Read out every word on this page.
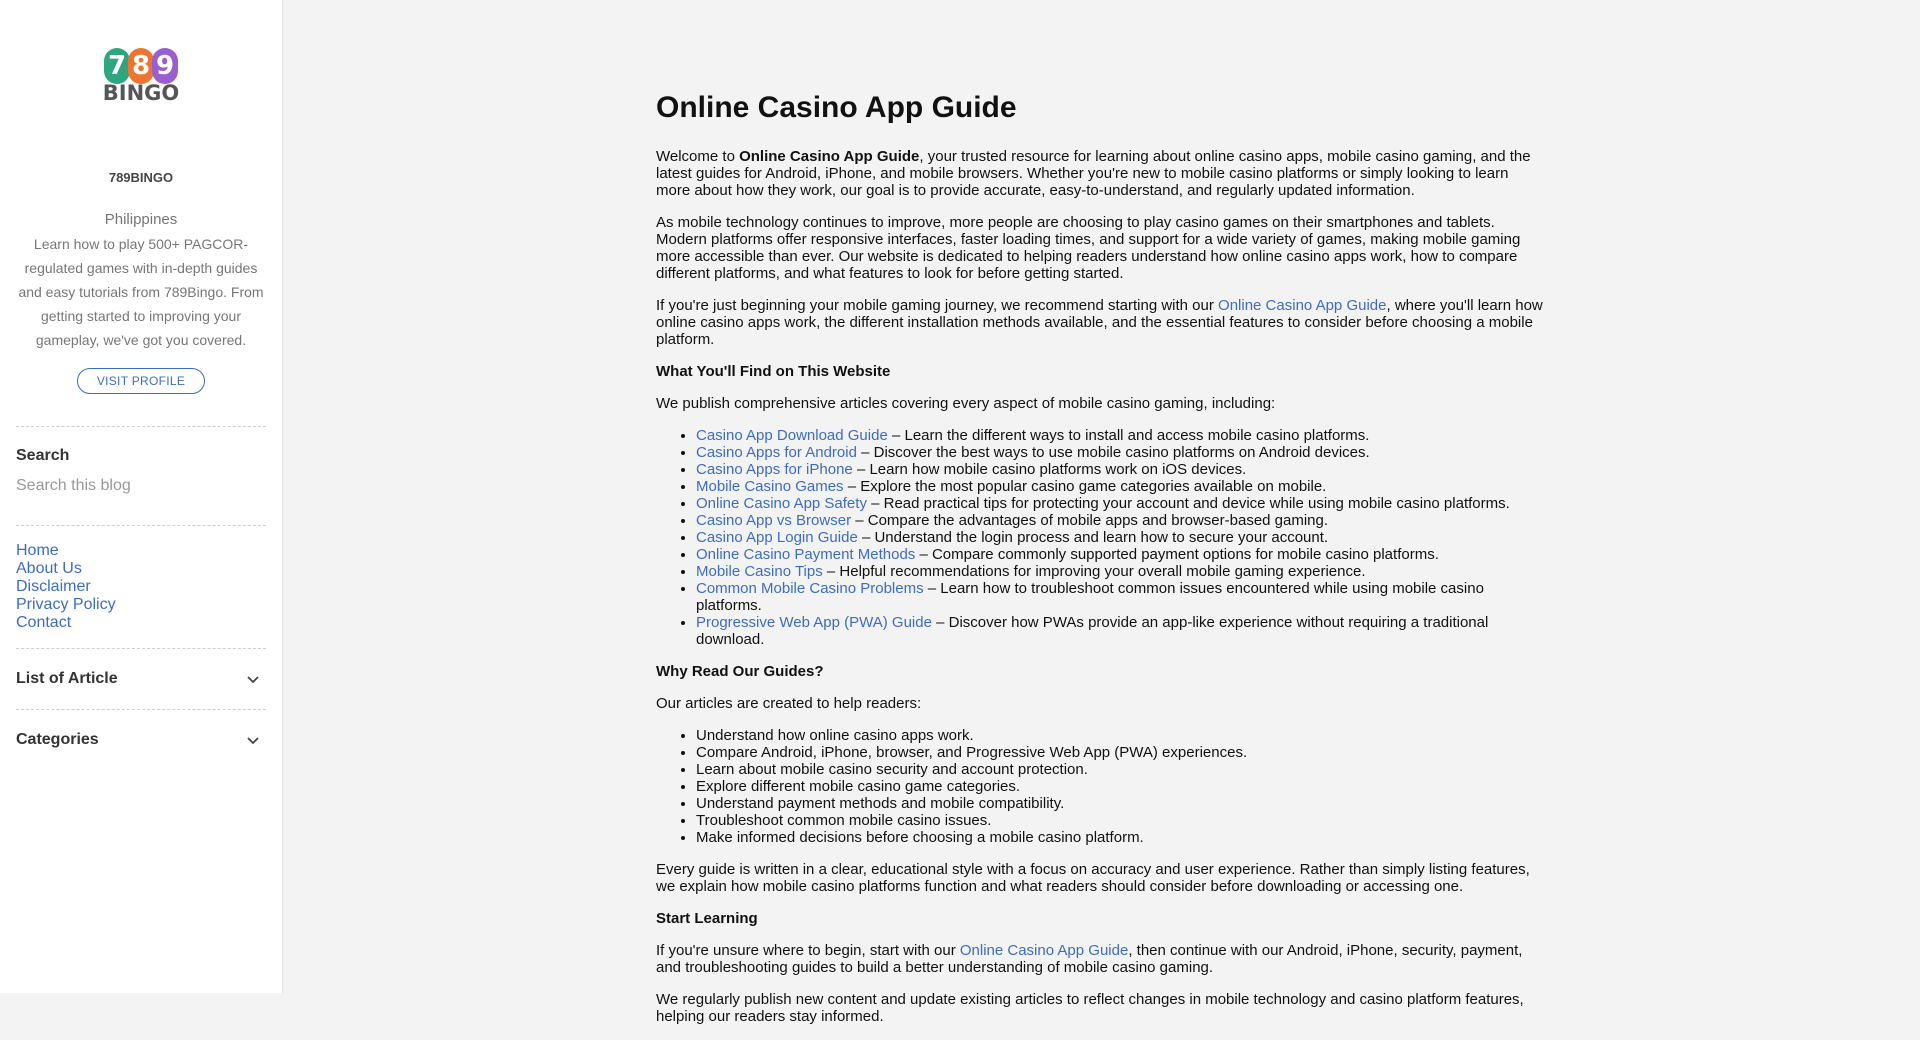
7 8 9
BINGO
789BINGO
Philippines

Learn how to play 500+ PAGCOR-regulated games with in-depth guides and easy tutorials from 789Bingo. From getting started to improving your gameplay, we've got you covered.

VISIT PROFILE
Search
Search this blog
Home
About Us
Disclaimer
Privacy Policy
Contact
List of Article
Categories
Online Casino App Guide

Welcome to Online Casino App Guide, your trusted resource for learning about online casino apps, mobile casino gaming, and the latest guides for Android, iPhone, and mobile browsers. Whether you're new to mobile casino platforms or simply looking to learn more about how they work, our goal is to provide accurate, easy-to-understand, and regularly updated information.

As mobile technology continues to improve, more people are choosing to play casino games on their smartphones and tablets. Modern platforms offer responsive interfaces, faster loading times, and support for a wide variety of games, making mobile gaming more accessible than ever. Our website is dedicated to helping readers understand how online casino apps work, how to compare different platforms, and what features to look for before getting started.

If you're just beginning your mobile gaming journey, we recommend starting with our Online Casino App Guide, where you'll learn how online casino apps work, the different installation methods available, and the essential features to consider before choosing a mobile platform.

What You'll Find on This Website

We publish comprehensive articles covering every aspect of mobile casino gaming, including:

• Casino App Download Guide – Learn the different ways to install and access mobile casino platforms.
• Casino Apps for Android – Discover the best ways to use mobile casino platforms on Android devices.
• Casino Apps for iPhone – Learn how mobile casino platforms work on iOS devices.
• Mobile Casino Games – Explore the most popular casino game categories available on mobile.
• Online Casino App Safety – Read practical tips for protecting your account and device while using mobile casino platforms.
• Casino App vs Browser – Compare the advantages of mobile apps and browser-based gaming.
• Casino App Login Guide – Understand the login process and learn how to secure your account.
• Online Casino Payment Methods – Compare commonly supported payment options for mobile casino platforms.
• Mobile Casino Tips – Helpful recommendations for improving your overall mobile gaming experience.
• Common Mobile Casino Problems – Learn how to troubleshoot common issues encountered while using mobile casino platforms.
• Progressive Web App (PWA) Guide – Discover how PWAs provide an app-like experience without requiring a traditional download.
Why Read Our Guides?

Our articles are created to help readers:

• Understand how online casino apps work.
• Compare Android, iPhone, browser, and Progressive Web App (PWA) experiences.
• Learn about mobile casino security and account protection.
• Explore different mobile casino game categories.
• Understand payment methods and mobile compatibility.
• Troubleshoot common mobile casino issues.
• Make informed decisions before choosing a mobile casino platform.

Every guide is written in a clear, educational style with a focus on accuracy and user experience. Rather than simply listing features, we explain how mobile casino platforms function and what readers should consider before downloading or accessing one.

Start Learning

If you're unsure where to begin, start with our Online Casino App Guide, then continue with our Android, iPhone, security, payment, and troubleshooting guides to build a better understanding of mobile casino gaming.

We regularly publish new content and update existing articles to reflect changes in mobile technology and casino platform features, helping our readers stay informed.
